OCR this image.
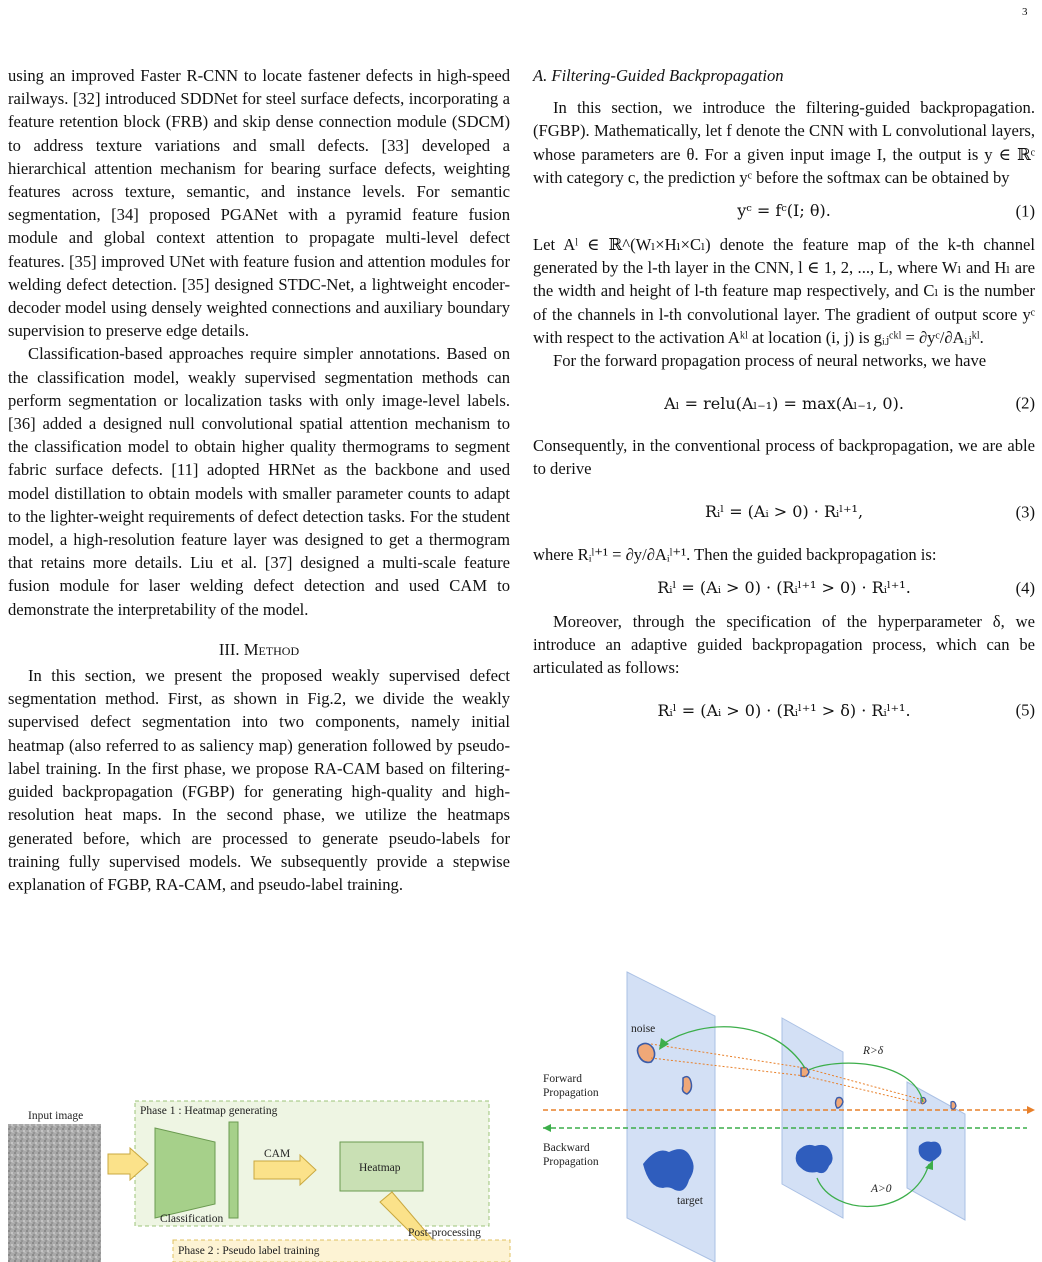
3

using an improved Faster R-CNN to locate fastener defects in high-speed railways. [32] introduced SDDNet for steel surface defects, incorporating a feature retention block (FRB) and skip dense connection module (SDCM) to address texture variations and small defects. [33] developed a hierarchical attention mechanism for bearing surface defects, weighting features across texture, semantic, and instance levels. For semantic segmentation, [34] proposed PGANet with a pyramid feature fusion module and global context attention to propagate multi-level defect features. [35] improved UNet with feature fusion and attention modules for welding defect detection. [35] designed STDC-Net, a lightweight encoder-decoder model using densely weighted connections and auxiliary boundary supervision to preserve edge details.

Classification-based approaches require simpler annotations. Based on the classification model, weakly supervised segmentation methods can perform segmentation or localization tasks with only image-level labels. [36] added a designed null convolutional spatial attention mechanism to the classification model to obtain higher quality thermograms to segment fabric surface defects. [11] adopted HRNet as the backbone and used model distillation to obtain models with smaller parameter counts to adapt to the lighter-weight requirements of defect detection tasks. For the student model, a high-resolution feature layer was designed to get a thermogram that retains more details. Liu et al. [37] designed a multi-scale feature fusion module for laser welding defect detection and used CAM to demonstrate the interpretability of the model.

III. Method

In this section, we present the proposed weakly supervised defect segmentation method. First, as shown in Fig.2, we divide the weakly supervised defect segmentation into two components, namely initial heatmap (also referred to as saliency map) generation followed by pseudo-label training. In the first phase, we propose RA-CAM based on filtering-guided backpropagation (FGBP) for generating high-quality and high-resolution heat maps. In the second phase, we utilize the heatmaps generated before, which are processed to generate pseudo-labels for training fully supervised models. We subsequently provide a stepwise explanation of FGBP, RA-CAM, and pseudo-label training.

A. Filtering-Guided Backpropagation

In this section, we introduce the filtering-guided backpropagation. (FGBP). Mathematically, let f denote the CNN with L convolutional layers, whose parameters are θ. For a given input image I, the output is y ∈ ℝᶜ with category c, the prediction yᶜ before the softmax can be obtained by

yᶜ = fᶜ(I; θ).	(1)

Let Aˡ ∈ ℝ^(Wₗ×Hₗ×Cₗ) denote the feature map of the k-th channel generated by the l-th layer in the CNN, l ∈ 1, 2, ..., L, where Wₗ and Hₗ are the width and height of l-th feature map respectively, and Cₗ is the number of the channels in l-th convolutional layer. The gradient of output score yᶜ with respect to the activation Aᵏˡ at location (i, j) is gᵢⱼᶜᵏˡ = ∂yᶜ/∂Aᵢⱼᵏˡ.

For the forward propagation process of neural networks, we have

Aₗ = relu(Aₗ₋₁) = max(Aₗ₋₁, 0).	(2)

Consequently, in the conventional process of backpropagation, we are able to derive

Rᵢˡ = (Aᵢ > 0) · Rᵢˡ⁺¹,	(3)

where Rᵢˡ⁺¹ = ∂y/∂Aᵢˡ⁺¹. Then the guided backpropagation is:

Rᵢˡ = (Aᵢ > 0) · (Rᵢˡ⁺¹ > 0) · Rᵢˡ⁺¹.	(4)

Moreover, through the specification of the hyperparameter δ, we introduce an adaptive guided backpropagation process, which can be articulated as follows:

Rᵢˡ = (Aᵢ > 0) · (Rᵢˡ⁺¹ > δ) · Rᵢˡ⁺¹.	(5)
Input image	Phase 1 : Heatmap generating
Classification
CAM
Heatmap
Post-processing
Phase 2 : Pseudo label training
Forward
Propagation
Backward
Propagation
noise
R>δ
target
A>0
